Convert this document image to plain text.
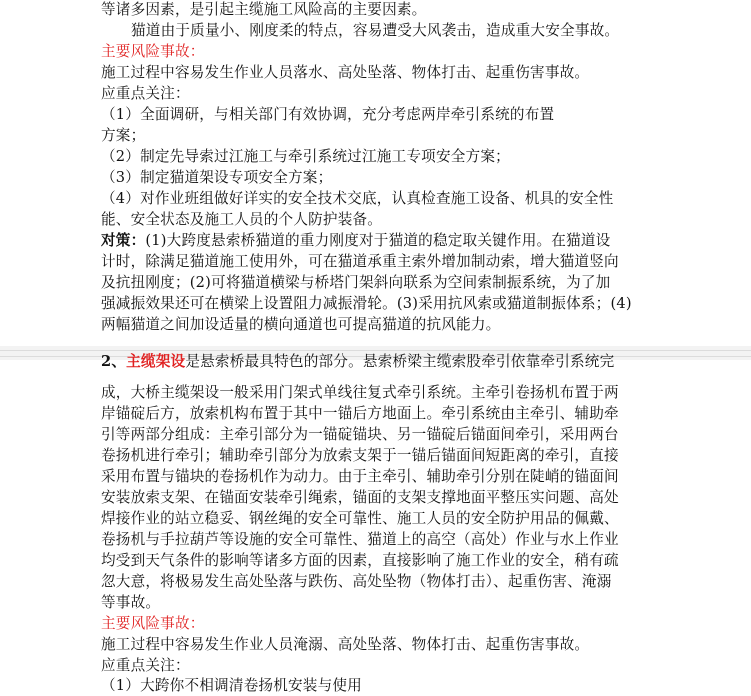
等诸多因素，是引起主缆施工风险高的主要因素。
猫道由于质量小、刚度柔的特点，容易遭受大风袭击，造成重大安全事故。
主要风险事故：
施工过程中容易发生作业人员落水、高处坠落、物体打击、起重伤害事故。
应重点关注：
（1）全面调研，与相关部门有效协调，充分考虑两岸牵引系统的布置
方案；
（2）制定先导索过江施工与牵引系统过江施工专项安全方案；
（3）制定猫道架设专项安全方案；
（4）对作业班组做好详实的安全技术交底，认真检查施工设备、机具的安全性
能、安全状态及施工人员的个人防护装备。
对策：(1)大跨度悬索桥猫道的重力刚度对于猫道的稳定取关键作用。在猫道设
计时，除满足猫道施工使用外，可在猫道承重主索外增加制动索，增大猫道竖向
及抗扭刚度；(2)可将猫道横梁与桥塔门架斜向联系为空间索制振系统，为了加
强减振效果还可在横梁上设置阻力减振滑轮。(3)采用抗风索或猫道制振体系；(4)
两幅猫道之间加设适量的横向通道也可提高猫道的抗风能力。
2、主缆架设是悬索桥最具特色的部分。悬索桥梁主缆索股牵引依靠牵引系统完
成，大桥主缆架设一般采用门架式单线往复式牵引系统。主牵引卷扬机布置于两
岸锚碇后方，放索机构布置于其中一锚后方地面上。牵引系统由主牵引、辅助牵
引等两部分组成：主牵引部分为一锚碇锚块、另一锚碇后锚面间牵引，采用两台
卷扬机进行牵引；辅助牵引部分为放索支架于一锚后锚面间短距离的牵引，直接
采用布置与锚块的卷扬机作为动力。由于主牵引、辅助牵引分别在陡峭的锚面间
安装放索支架、在锚面安装牵引绳索，锚面的支架支撑地面平整压实问题、高处
焊接作业的站立稳妥、钢丝绳的安全可靠性、施工人员的安全防护用品的佩戴、
卷扬机与手拉葫芦等设施的安全可靠性、猫道上的高空（高处）作业与水上作业
均受到天气条件的影响等诸多方面的因素，直接影响了施工作业的安全，稍有疏
忽大意，将极易发生高处坠落与跌伤、高处坠物（物体打击）、起重伤害、淹溺
等事故。
主要风险事故：
施工过程中容易发生作业人员淹溺、高处坠落、物体打击、起重伤害事故。
应重点关注：
（1）大跨你不相调清卷扬机安装与使用
